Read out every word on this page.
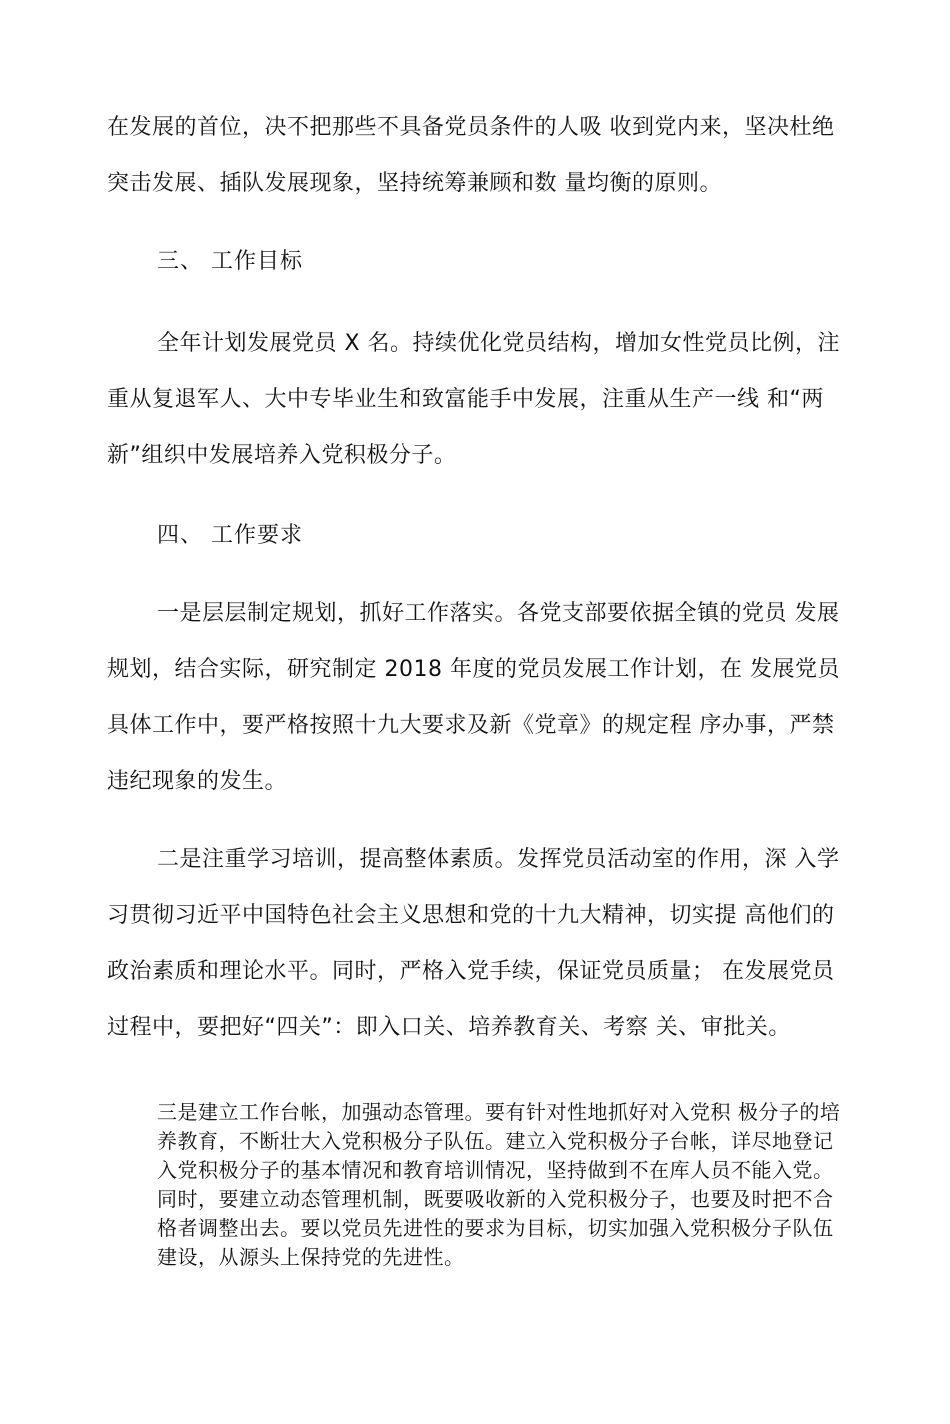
在发展的首位，决不把那些不具备党员条件的人吸 收到党内来，坚决杜绝突击发展、插队发展现象，坚持统筹兼顾和数 量均衡的原则。

三、 工作目标

全年计划发展党员 X 名。持续优化党员结构，增加女性党员比例，注重从复退军人、大中专毕业生和致富能手中发展，注重从生产一线 和“两新”组织中发展培养入党积极分子。

四、 工作要求

一是层层制定规划，抓好工作落实。各党支部要依据全镇的党员 发展规划，结合实际，研究制定 2018 年度的党员发展工作计划，在 发展党员具体工作中，要严格按照十九大要求及新《党章》的规定程 序办事，严禁违纪现象的发生。

二是注重学习培训，提高整体素质。发挥党员活动室的作用，深 入学习贯彻习近平中国特色社会主义思想和党的十九大精神，切实提 高他们的政治素质和理论水平。同时，严格入党手续，保证党员质量； 在发展党员过程中，要把好“四关”：即入口关、培养教育关、考察 关、审批关。

三是建立工作台帐，加强动态管理。要有针对性地抓好对入党积 极分子的培养教育，不断壮大入党积极分子队伍。建立入党积极分子台帐，详尽地登记入党积极分子的基本情况和教育培训情况，坚持做到不在库人员不能入党。同时，要建立动态管理机制，既要吸收新的入党积极分子，也要及时把不合格者调整出去。要以党员先进性的要求为目标，切实加强入党积极分子队伍建设，从源头上保持党的先进性。
